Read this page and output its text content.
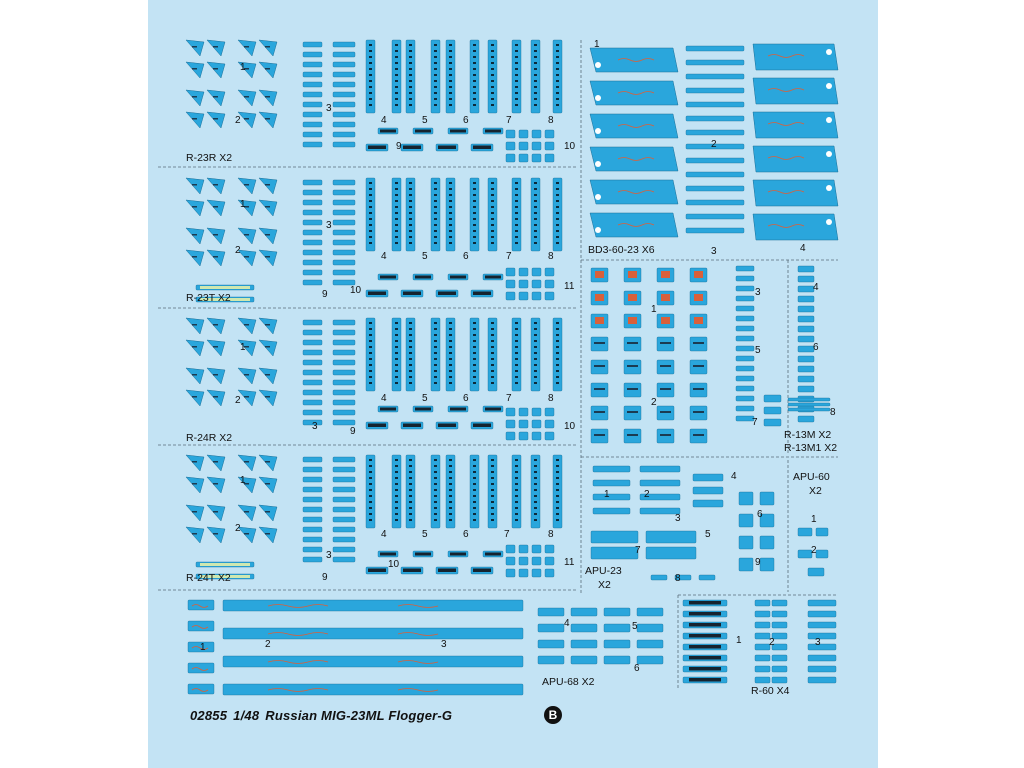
1
2
3
4	5	6	7	8
9	10
R-23R X2
1
2
3
4	5	6	7	8
9 10	11
R-23T X2
1
2
3
4	5	6	7	8
9	10
R-24R X2
1
2
3
4	5	6	7	8
9
10	11
R-24T X2
1
2
3	4
BD3-60-23 X6
1
2
3	4
5	6
7
8
R-13M X2
R-13M1 X2
1	2
3
4
5
6
7
8
9
APU-23
X2
APU-60
X2
1
2
1	2	3
4	5
6
APU-68 X2
1	2	3
R-60 X4
02855 1/48 Russian MIG-23ML Flogger-G	B
